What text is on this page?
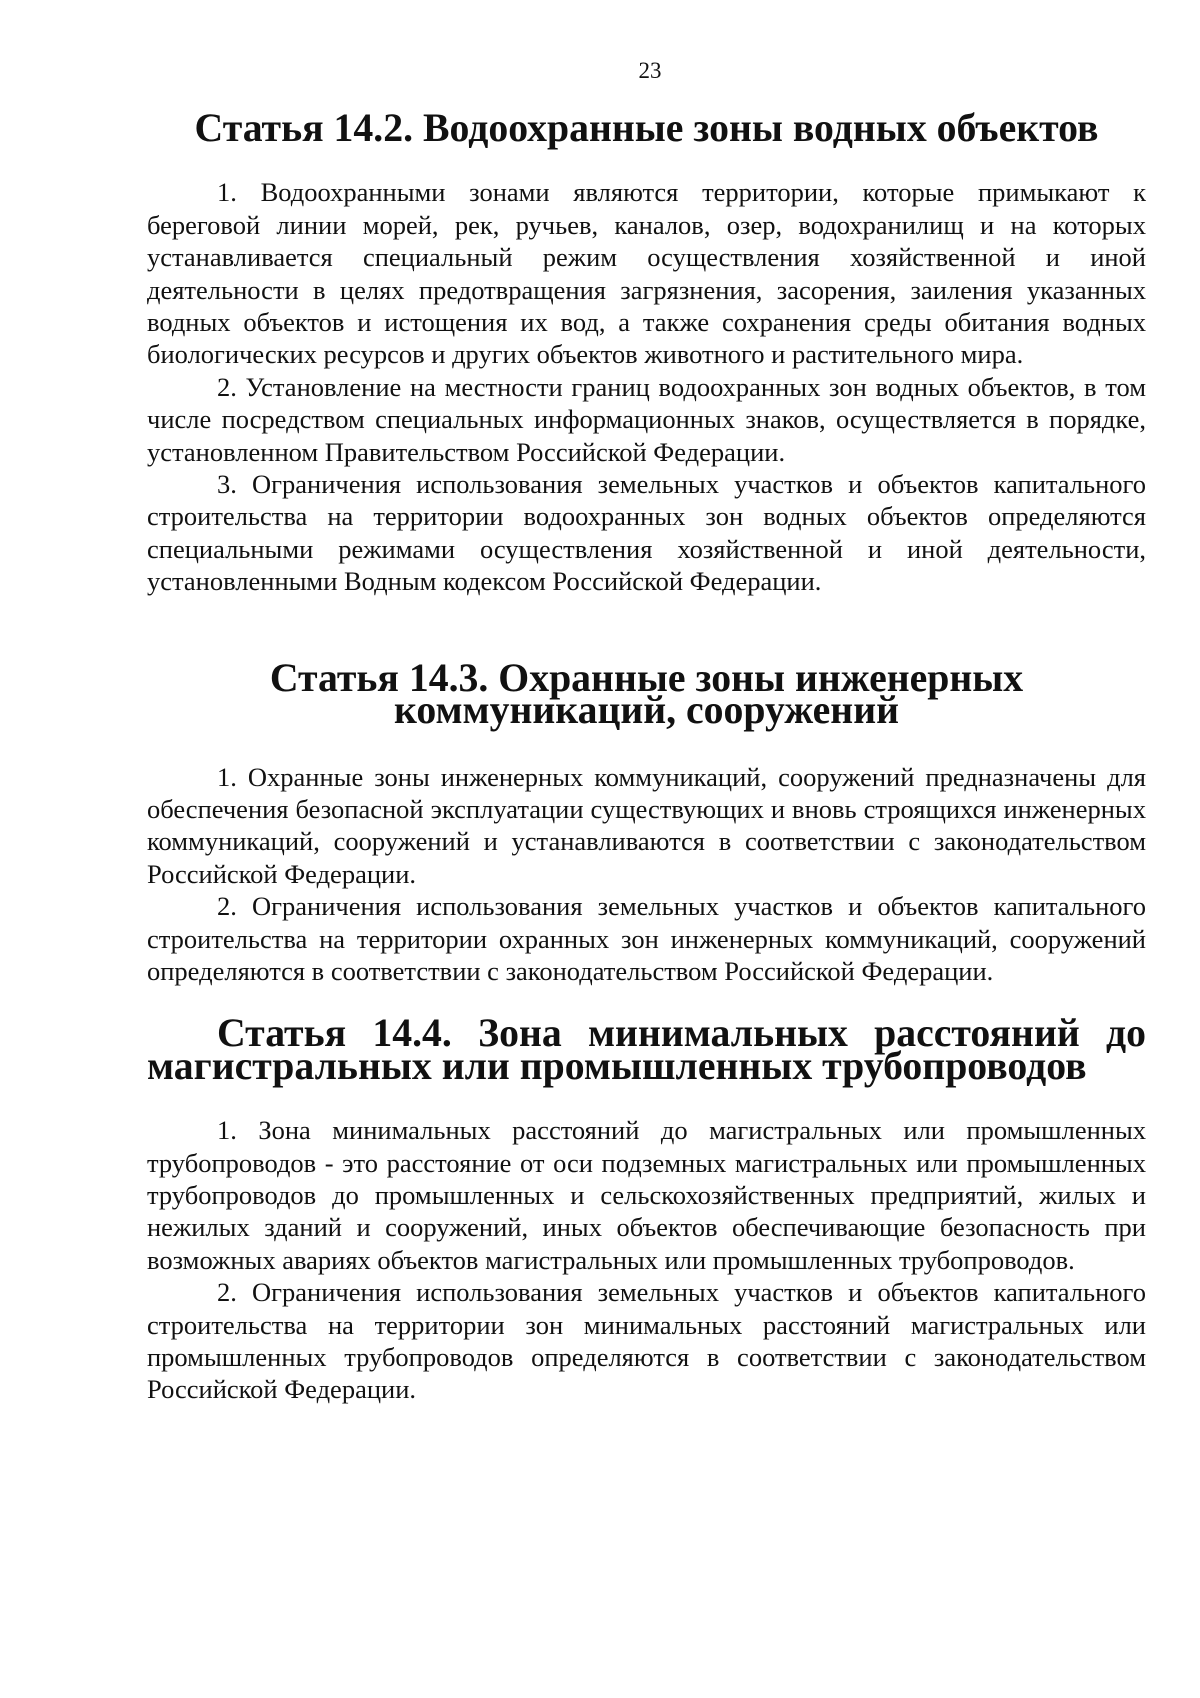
23
Статья 14.2. Водоохранные зоны водных объектов

1. Водоохранными зонами являются территории, которые примыкают к береговой линии морей, рек, ручьев, каналов, озер, водохранилищ и на которых устанавливается специальный режим осуществления хозяйственной и иной деятельности в целях предотвращения загрязнения, засорения, заиления указанных водных объектов и истощения их вод, а также сохранения среды обитания водных биологических ресурсов и других объектов животного и растительного мира.

2. Установление на местности границ водоохранных зон водных объектов, в том числе посредством специальных информационных знаков, осуществляется в порядке, установленном Правительством Российской Федерации.

3. Ограничения использования земельных участков и объектов капитального строительства на территории водоохранных зон водных объектов определяются специальными режимами осуществления хозяйственной и иной деятельности, установленными Водным кодексом Российской Федерации.

Статья 14.3. Охранные зоны инженерных коммуникаций, сооружений

1. Охранные зоны инженерных коммуникаций, сооружений предназначены для обеспечения безопасной эксплуатации существующих и вновь строящихся инженерных коммуникаций, сооружений и устанавливаются в соответствии с законодательством Российской Федерации.

2. Ограничения использования земельных участков и объектов капитального строительства на территории охранных зон инженерных коммуникаций, сооружений определяются в соответствии с законодательством Российской Федерации.

Статья 14.4. Зона минимальных расстояний до магистральных или промышленных трубопроводов

1. Зона минимальных расстояний до магистральных или промышленных трубопроводов - это расстояние от оси подземных магистральных или промышленных трубопроводов до промышленных и сельскохозяйственных предприятий, жилых и нежилых зданий и сооружений, иных объектов обеспечивающие безопасность при возможных авариях объектов магистральных или промышленных трубопроводов.

2. Ограничения использования земельных участков и объектов капитального строительства на территории зон минимальных расстояний магистральных или промышленных трубопроводов определяются в соответствии с законодательством Российской Федерации.
